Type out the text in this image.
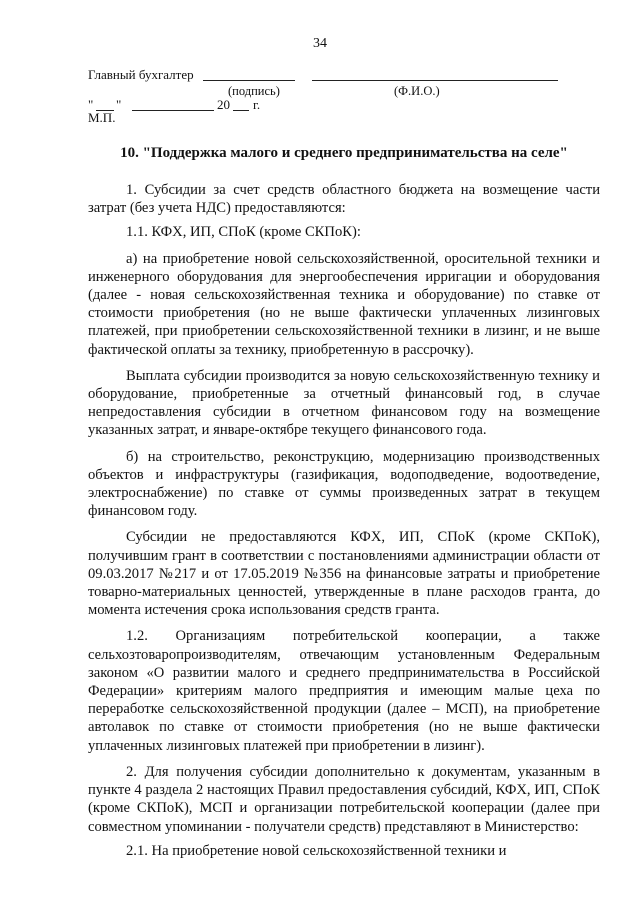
34
Главный бухгалтер
(подпись)	(Ф.И.О.)
" "	20 г.
М.П.
10. "Поддержка малого и среднего предпринимательства на селе"

1. Субсидии за счет средств областного бюджета на возмещение части затрат (без учета НДС) предоставляются:

1.1. КФХ, ИП, СПоК (кроме СКПоК):

а) на приобретение новой сельскохозяйственной, оросительной техники и инженерного оборудования для энергообеспечения ирригации и оборудования (далее - новая сельскохозяйственная техника и оборудование) по ставке от стоимости приобретения (но не выше фактически уплаченных лизинговых платежей, при приобретении сельскохозяйственной техники в лизинг, и не выше фактической оплаты за технику, приобретенную в рассрочку).

Выплата субсидии производится за новую сельскохозяйственную технику и оборудование, приобретенные за отчетный финансовый год, в случае непредоставления субсидии в отчетном финансовом году на возмещение указанных затрат, и январе-октябре текущего финансового года.

б) на строительство, реконструкцию, модернизацию производственных объектов и инфраструктуры (газификация, водоподведение, водоотведение, электроснабжение) по ставке от суммы произведенных затрат в текущем финансовом году.

Субсидии не предоставляются КФХ, ИП, СПоК (кроме СКПоК), получившим грант в соответствии с постановлениями администрации области от 09.03.2017 №217 и от 17.05.2019 №356 на финансовые затраты и приобретение товарно-материальных ценностей, утвержденные в плане расходов гранта, до момента истечения срока использования средств гранта.

1.2. Организациям потребительской кооперации, а также сельхозтоваропроизводителям, отвечающим установленным Федеральным законом «О развитии малого и среднего предпринимательства в Российской Федерации» критериям малого предприятия и имеющим малые цеха по переработке сельскохозяйственной продукции (далее – МСП), на приобретение автолавок по ставке от стоимости приобретения (но не выше фактически уплаченных лизинговых платежей при приобретении в лизинг).

2. Для получения субсидии дополнительно к документам, указанным в пункте 4 раздела 2 настоящих Правил предоставления субсидий, КФХ, ИП, СПоК (кроме СКПоК), МСП и организации потребительской кооперации (далее при совместном упоминании - получатели средств) представляют в Министерство:

2.1. На приобретение новой сельскохозяйственной техники и
